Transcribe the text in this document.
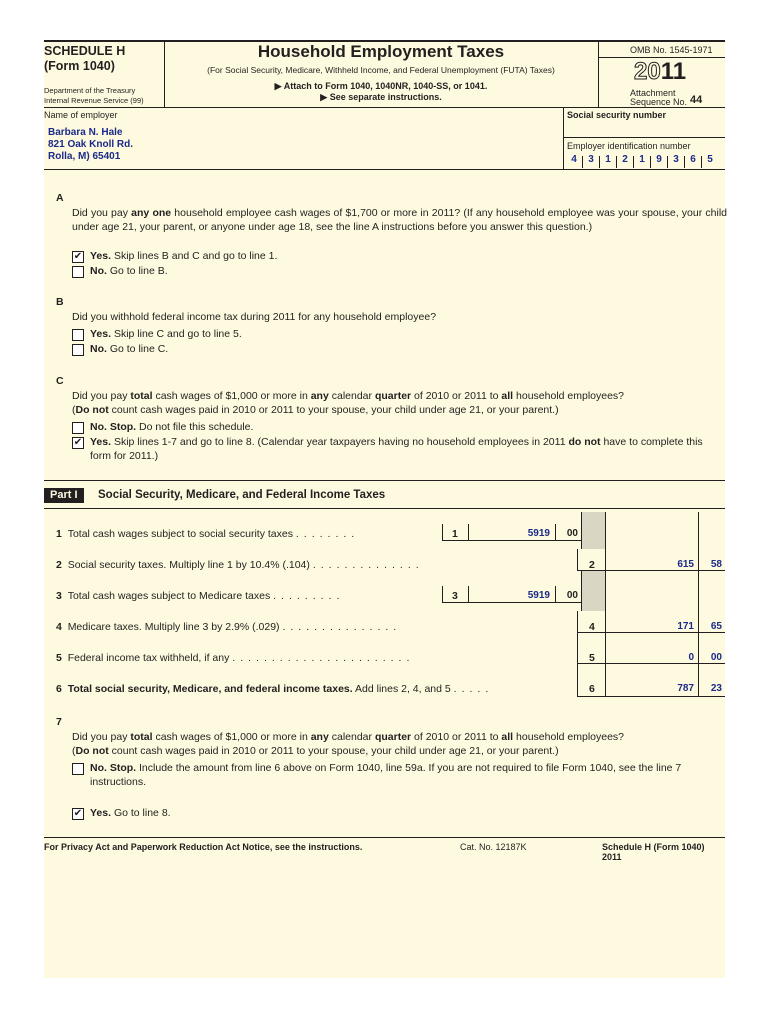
SCHEDULE H
(Form 1040)
Department of the Treasury
Internal Revenue Service (99)
Household Employment Taxes
(For Social Security, Medicare, Withheld Income, and Federal Unemployment (FUTA) Taxes)
▶ Attach to Form 1040, 1040NR, 1040-SS, or 1041.
▶ See separate instructions.
OMB No. 1545-1971
2011
Attachment
Sequence No. 44
Name of employer	Social security number
Employer identification number
Barbara N. Hale
821 Oak Knoll Rd.
Rolla, M) 65401	4	3	1	2	1	9	3	6	5
A
Did you pay any one household employee cash wages of $1,700 or more in 2011? (If any household employee was your spouse, your child under age 21, your parent, or anyone under age 18, see the line A instructions before you answer this question.)
✔ Yes. Skip lines B and C and go to line 1.
No. Go to line B.
B
Did you withhold federal income tax during 2011 for any household employee?
Yes. Skip line C and go to line 5.
No. Go to line C.
C
Did you pay total cash wages of $1,000 or more in any calendar quarter of 2010 or 2011 to all household employees?
(Do not count cash wages paid in 2010 or 2011 to your spouse, your child under age 21, or your parent.)
No. Stop. Do not file this schedule.
✔ Yes. Skip lines 1-7 and go to line 8. (Calendar year taxpayers having no household employees in 2011 do not have to complete this form for 2011.)
Part I	Social Security, Medicare, and Federal Income Taxes
1 Total cash wages subject to social security taxes ........	1	5919	00
2 Social security taxes. Multiply line 1 by 10.4% (.104) ..............	2	615	58
3 Total cash wages subject to Medicare taxes .........	3	5919	00
4 Medicare taxes. Multiply line 3 by 2.9% (.029) ...............	4	171	65
5 Federal income tax withheld, if any .......................	5	0	00
6 Total social security, Medicare, and federal income taxes. Add lines 2, 4, and 5 .....	6	787	23
7
Did you pay total cash wages of $1,000 or more in any calendar quarter of 2010 or 2011 to all household employees?
(Do not count cash wages paid in 2010 or 2011 to your spouse, your child under age 21, or your parent.)
No. Stop. Include the amount from line 6 above on Form 1040, line 59a. If you are not required to file Form 1040, see the line 7 instructions.
✔ Yes. Go to line 8.
For Privacy Act and Paperwork Reduction Act Notice, see the instructions.	Cat. No. 12187K	Schedule H (Form 1040) 2011
